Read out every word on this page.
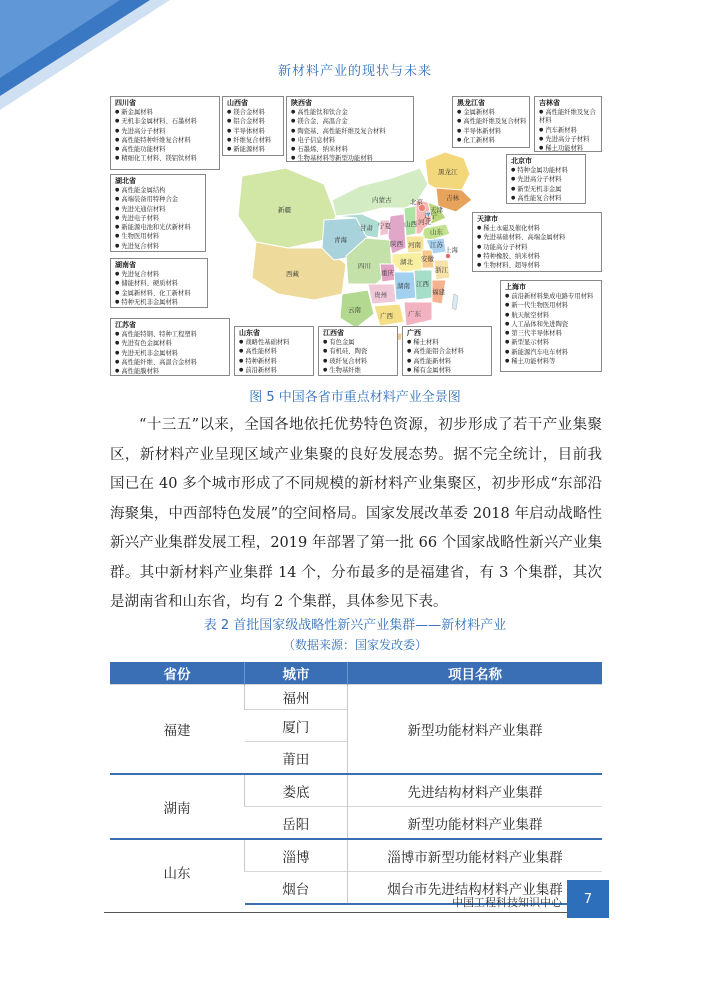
新材料产业的现状与未来
新疆
西藏
青海
甘肃
内蒙古
黑龙江
吉林
辽宁
北京
天津
河北
山西
陕西
宁夏
山东
河南 江苏
安徽
湖北
四川
重庆
湖南 江西
浙江
上海
贵州
云南
广西 广东
福建
四川省
● 新金属材料
● 无机非金属材料、石墨材料
● 先进高分子材料
● 高性能特种纤维复合材料
● 高性能功能材料
● 精细化工材料、镁铝钛材料
山西省
● 镁合金材料
● 铝合金材料
● 半导体材料
● 纤维复合材料
● 新能源材料
陕西省
● 高性能钛和钛合金
● 镁合金、高温合金
● 陶瓷基、高性能纤维及复合材料
● 电子信息材料
● 石墨烯、纳米材料
● 生物基材料等新型功能材料
黑龙江省
● 金属新材料
● 高性能纤维及复合材料
● 半导体新材料
● 化工新材料
吉林省
● 高性能纤维及复合材料
● 汽车新材料
● 先进高分子材料
● 稀土功能材料
湖北省
● 高性能金属结构
● 高端装备用特种合金
● 先进光通信材料
● 先进电子材料
● 新能源电池和光伏新材料
● 生物医用材料
● 先进复合材料
湖南省
● 先进复合材料
● 储能材料、硬质材料
● 金属新材料、化工新材料
● 特种无机非金属材料
北京市
● 特种金属功能材料
● 先进高分子材料
● 新型无机非金属
● 高性能复合材料
天津市
● 稀土永磁及催化材料
● 先进基础材料、高端金属材料
● 功能高分子材料
● 特种橡胶、纳米材料
● 生物材料、超导材料
上海市
● 前沿新材料集成电路专用材料
● 新一代生物医用材料
● 航天航空材料
● 人工晶体和先进陶瓷
● 第三代半导体材料
● 新型显示材料
● 新能源汽车电车材料
● 稀土功能材料等
江苏省
● 高性能特钢、特种工程塑料
● 先进有色金属材料
● 先进无机非金属材料
● 高性能纤维、高温合金材料
● 高性能膜材料
山东省
● 战略性基础材料
● 高性能材料
● 特种新材料
● 前沿新材料
江西省
● 有色金属
● 有机硅、陶瓷
● 玻纤复合材料
● 生物基纤维
广西
● 稀土材料
● 高性能铝合金材料
● 高性能新材料
● 稀有金属材料
图 5 中国各省市重点材料产业全景图

“十三五”以来，全国各地依托优势特色资源，初步形成了若干产业集聚区，新材料产业呈现区域产业集聚的良好发展态势。据不完全统计，目前我国已在 40 多个城市形成了不同规模的新材料产业集聚区，初步形成“东部沿海聚集，中西部特色发展”的空间格局。国家发展改革委 2018 年启动战略性新兴产业集群发展工程，2019 年部署了第一批 66 个国家战略性新兴产业集群。其中新材料产业集群 14 个，分布最多的是福建省，有 3 个集群，其次是湖南省和山东省，均有 2 个集群，具体参见下表。

表 2 首批国家级战略性新兴产业集群——新材料产业
（数据来源：国家发改委）
省份	城市	项目名称
福建	福州	新型功能材料产业集群
	厦门	
	莆田	
湖南	娄底	先进结构材料产业集群
	岳阳	新型功能材料产业集群
山东	淄博	淄博市新型功能材料产业集群
	烟台	烟台市先进结构材料产业集群
中国工程科技知识中心	7
